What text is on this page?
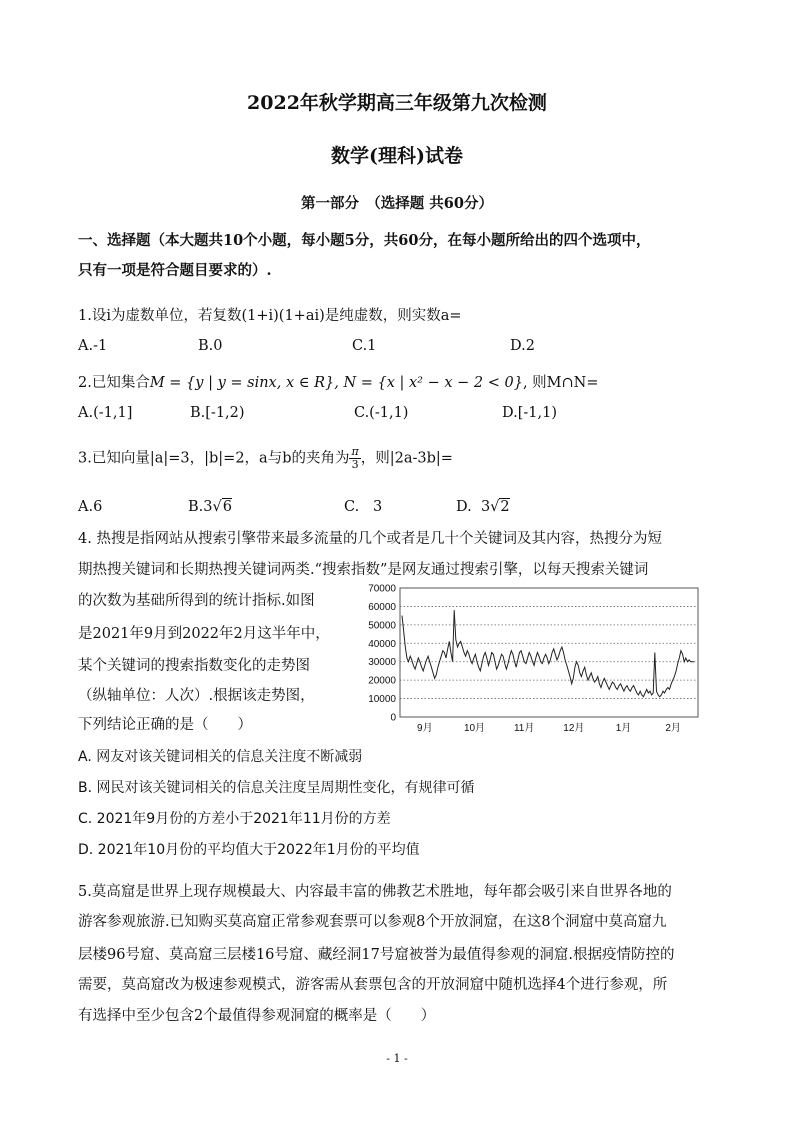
2022年秋学期高三年级第九次检测
数学(理科)试卷
第一部分　（选择题 共60分）
一、选择题（本大题共10个小题，每小题5分，共60分，在每小题所给出的四个选项中，
只有一项是符合题目要求的）.
1.设i为虚数单位，若复数(1+i)(1+ai)是纯虚数，则实数a=
A.-1	B.0	C.1	D.2
2.已知集合M = {y | y = sinx, x ∈ R}, N = {x | x² − x − 2 < 0}, 则M∩N=
A.(-1,1]	B.[-1,2)	C.(-1,1)	D.[-1,1)
3.已知向量|a|=3，|b|=2，a与b的夹角为 $\frac{\pi}{3}$ ，则|2a-3b|=
A.6	B.3√6	C. 3	D. 3√2
4. 热搜是指网站从搜索引擎带来最多流量的几个或者是几十个关键词及其内容，热搜分为短
期热搜关键词和长期热搜关键词两类.“搜索指数”是网友通过搜索引擎，以每天搜索关键词
的次数为基础所得到的统计指标.如图
是2021年9月到2022年2月这半年中，
某个关键词的搜索指数变化的走势图
（纵轴单位：人次）.根据该走势图，
下列结论正确的是（　　）	0
10000
20000
30000
40000
50000
60000
70000
9月	10月	11月	12月	1月	2月
A. 网友对该关键词相关的信息关注度不断减弱
B. 网民对该关键词相关的信息关注度呈周期性变化，有规律可循
C. 2021年9月份的方差小于2021年11月份的方差
D. 2021年10月份的平均值大于2022年1月份的平均值
5.莫高窟是世界上现存规模最大、内容最丰富的佛教艺术胜地，每年都会吸引来自世界各地的
游客参观旅游.已知购买莫高窟正常参观套票可以参观8个开放洞窟，在这8个洞窟中莫高窟九
层楼96号窟、莫高窟三层楼16号窟、藏经洞17号窟被誉为最值得参观的洞窟.根据疫情防控的
需要，莫高窟改为极速参观模式，游客需从套票包含的开放洞窟中随机选择4个进行参观，所
有选择中至少包含2个最值得参观洞窟的概率是（　　）
- 1 -
